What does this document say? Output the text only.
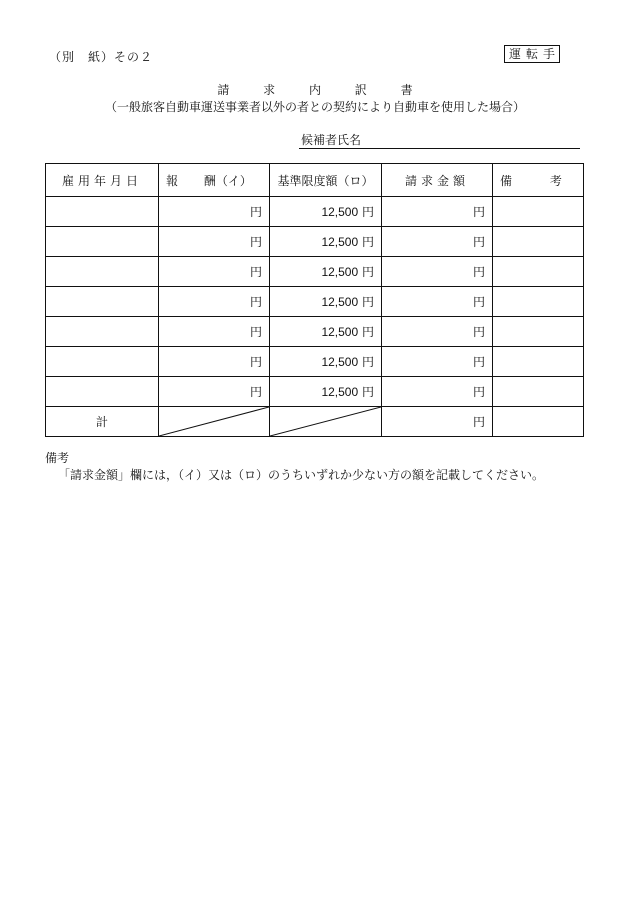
（別　紙）その２	運転手
請 求 内 訳 書
（一般旅客自動車運送事業者以外の者との契約により自動車を使用した場合）
候補者氏名
雇用年月日	報 酬（イ）	基準限度額（ロ）	請求金額	備 考
	円	12,500 円	円	
	円	12,500 円	円	
	円	12,500 円	円	
	円	12,500 円	円	
	円	12,500 円	円	
	円	12,500 円	円	
	円	12,500 円	円	
計			円	
備考
「請求金額」欄には，（イ）又は（ロ）のうちいずれか少ない方の額を記載してください。
